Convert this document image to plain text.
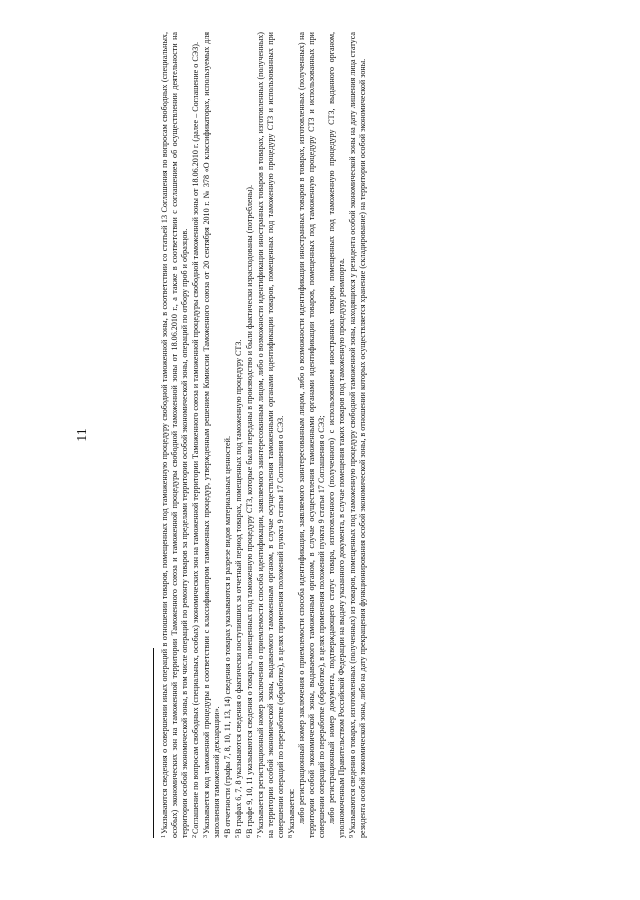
11

$^1$Указываются сведения о совершении иных операций в отношении товаров, помещенных под таможенную процедуру свободной таможенной зоны, в соответствии со статьей 13 Соглашения по вопросам свободных (специальных, особых) экономических зон на таможенной территории Таможенного союза и таможенной процедуры свободной таможенной зоны от 18.06.2010 г., а также в соответствии с соглашением об осуществлении деятельности на территории особой экономической зоны, в том числе операций по ремонту товаров за пределами территории особой экономической зоны, операций по отбору проб и образцов. $^2$Соглашение по вопросам свободных (специальных, особых) экономических зон на таможенной территории Таможенного союза и таможенной процедуры свободной таможенной зоны от 18.06.2010 г. (далее – Соглашение о СЭЗ).

$^3$Указывается код таможенной процедуры в соответствии с классификатором таможенных процедур, утвержденным решением Комиссии Таможенного союза от 20 сентября 2010 г. № 378 «О классификаторах, используемых для заполнения таможенной декларации». $^4$В отчетности (графы 7, 8, 10, 11, 13, 14) сведения о товарах указываются в разрезе видов материальных ценностей.

$^5$В графах 6, 7, 8 указываются сведения о фактически поступивших за отчетный период товарах, помещенных под таможенную процедуру СТЗ.

$^6$В графе 9, 10, 11 указываются сведения о товарах, помещенных под таможенную процедуру СТЗ, которые были переданы в производство и были фактически израсходованы (потреблены).

$^7$Указывается регистрационный номер заключения о приемлемости способа идентификации, заявляемого заинтересованным лицом, либо о возможности идентификации иностранных товаров в товарах, изготовленных (полученных) на территории особой экономической зоны, выдаваемого таможенным органом, в случае осуществления таможенными органами идентификации товаров, помещенных под таможенную процедуру СТЗ и использованных при совершении операций по переработке (обработке), в целях применения положений пункта 9 статьи 17 Соглашения о СЭЗ. $^8$Указывается: либо регистрационный номер заключения о приемлемости способа идентификации, заявляемого заинтересованным лицом, либо о возможности идентификации иностранных товаров в товарах, изготовленных (полученных) на территории особой экономической зоны, выдаваемого таможенным органом, в случае осуществления таможенными органами идентификации товаров, помещенных под таможенную процедуру СТЗ и использованных при совершении операций по переработке (обработке), в целях применения положений пункта 9 статьи 17 Соглашения о СЭЗ; либо регистрационный номер документа, подтверждающего статус товара, изготовленного (полученного) с использованием иностранных товаров, помещенных под таможенную процедуру СТЗ, выданного органом, уполномоченным Правительством Российской Федерации на выдачу указанного документа, в случае помещения таких товаров под таможенную процедуру реимпорта. $^9$Указываются сведения о товарах, изготовленных (полученных) из товаров, помещенных под таможенную процедуру свободной таможенной зоны, находящихся у резидента особой экономической зоны на дату лишения лица статуса резидента особой экономической зоны, либо на дату прекращения функционирования особой экономической зоны, в отношении которых осуществляется хранение (складирование) на территории особой экономической зоны.
